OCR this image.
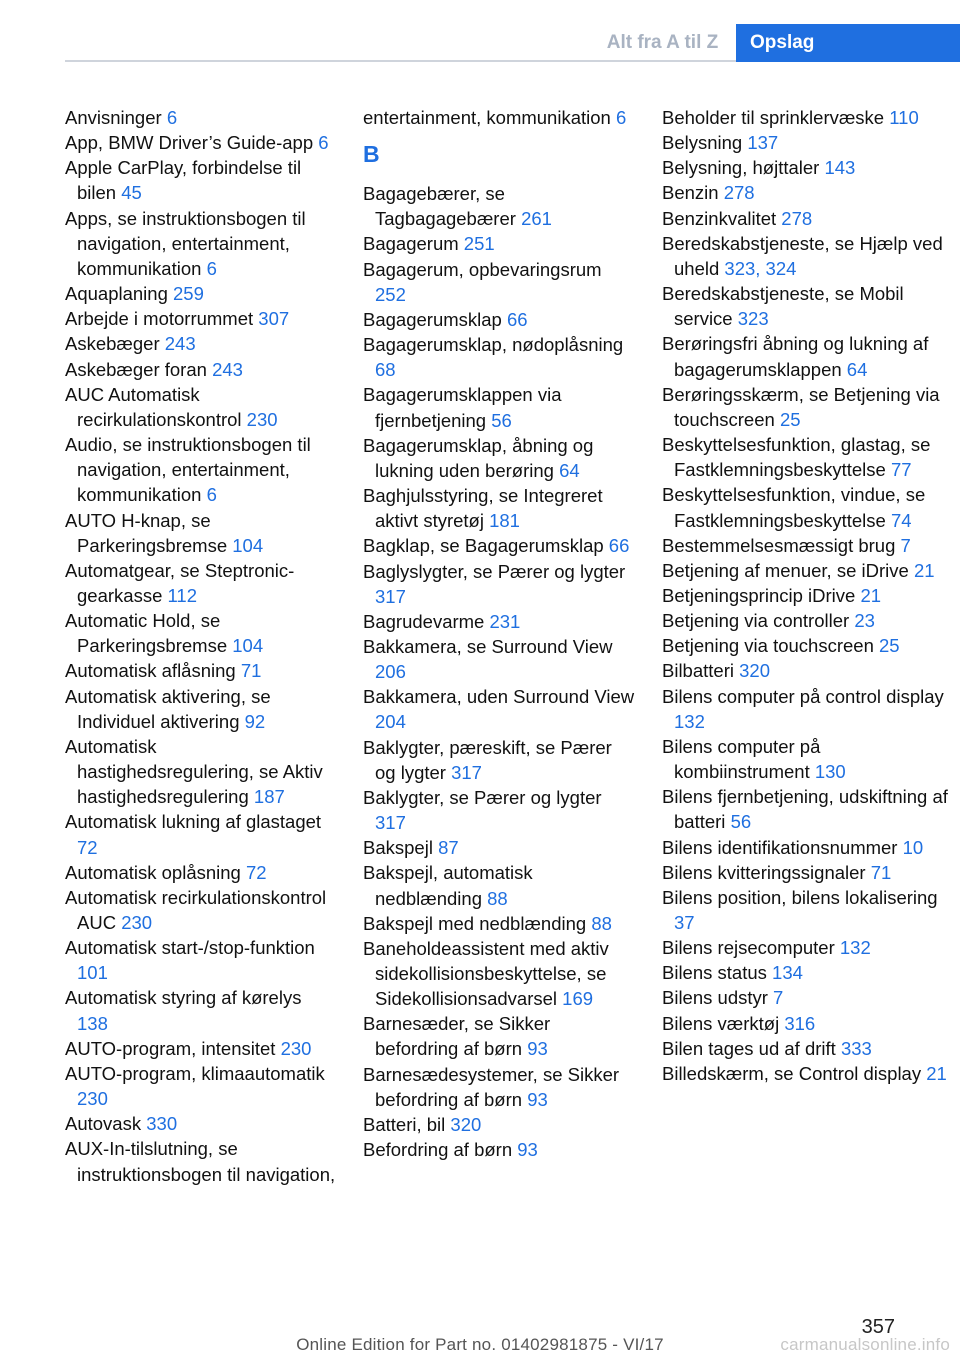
Alt fra A til Z	Opslag

Anvisninger 6

App, BMW Driver’s Guide-app 6

Apple CarPlay, forbindelse til bilen 45

Apps, se instruktionsbogen til navigation, entertainment, kommunikation 6

Aquaplaning 259

Arbejde i motorrummet 307

Askebæger 243

Askebæger foran 243

AUC Automatisk recirkulationskontrol 230

Audio, se instruktionsbogen til navigation, entertainment, kommunikation 6

AUTO H-knap, se Parkeringsbremse 104

Automatgear, se Steptronic-gearkasse 112

Automatic Hold, se Parkeringsbremse 104

Automatisk aflåsning 71

Automatisk aktivering, se Individuel aktivering 92

Automatisk hastighedsregulering, se Aktiv hastighedsregulering 187

Automatisk lukning af glastaget 72

Automatisk oplåsning 72

Automatisk recirkulationskontrol AUC 230

Automatisk start-/stop-funktion 101

Automatisk styring af kørelys 138

AUTO-program, intensitet 230

AUTO-program, klimaautomatik 230

Autovask 330

AUX-In-tilslutning, se instruktionsbogen til navigation,

entertainment, kommunikation 6

B

Bagagebærer, se Tagbagagebærer 261

Bagagerum 251

Bagagerum, opbevaringsrum 252

Bagagerumsklap 66

Bagagerumsklap, nødoplåsning 68

Bagagerumsklappen via fjernbetjening 56

Bagagerumsklap, åbning og lukning uden berøring 64

Baghjulsstyring, se Integreret aktivt styretøj 181

Bagklap, se Bagagerumsklap 66

Baglyslygter, se Pærer og lygter 317

Bagrudevarme 231

Bakkamera, se Surround View 206

Bakkamera, uden Surround View 204

Baklygter, pæreskift, se Pærer og lygter 317

Baklygter, se Pærer og lygter 317

Bakspejl 87

Bakspejl, automatisk nedblænding 88

Bakspejl med nedblænding 88

Baneholdeassistent med aktiv sidekollisionsbeskyttelse, se Sidekollisionsadvarsel 169

Barnesæder, se Sikker befordring af børn 93

Barnesædesystemer, se Sikker befordring af børn 93

Batteri, bil 320

Befordring af børn 93

Beholder til sprinklervæske 110

Belysning 137

Belysning, højttaler 143

Benzin 278

Benzinkvalitet 278

Beredskabstjeneste, se Hjælp ved uheld 323, 324

Beredskabstjeneste, se Mobil service 323

Berøringsfri åbning og lukning af bagagerumsklappen 64

Berøringsskærm, se Betjening via touchscreen 25

Beskyttelsesfunktion, glastag, se Fastklemningsbeskyttelse 77

Beskyttelsesfunktion, vindue, se Fastklemningsbeskyttelse 74

Bestemmelsesmæssigt brug 7

Betjening af menuer, se iDrive 21

Betjeningsprincip iDrive 21

Betjening via controller 23

Betjening via touchscreen 25

Bilbatteri 320

Bilens computer på control display 132

Bilens computer på kombiinstrument 130

Bilens fjernbetjening, udskiftning af batteri 56

Bilens identifikationsnummer 10

Bilens kvitteringssignaler 71

Bilens position, bilens lokalisering 37

Bilens rejsecomputer 132

Bilens status 134

Bilens udstyr 7

Bilens værktøj 316

Bilen tages ud af drift 333

Billedskærm, se Control display 21

357
Online Edition for Part no. 01402981875 - VI/17	carmanualsonline.info
